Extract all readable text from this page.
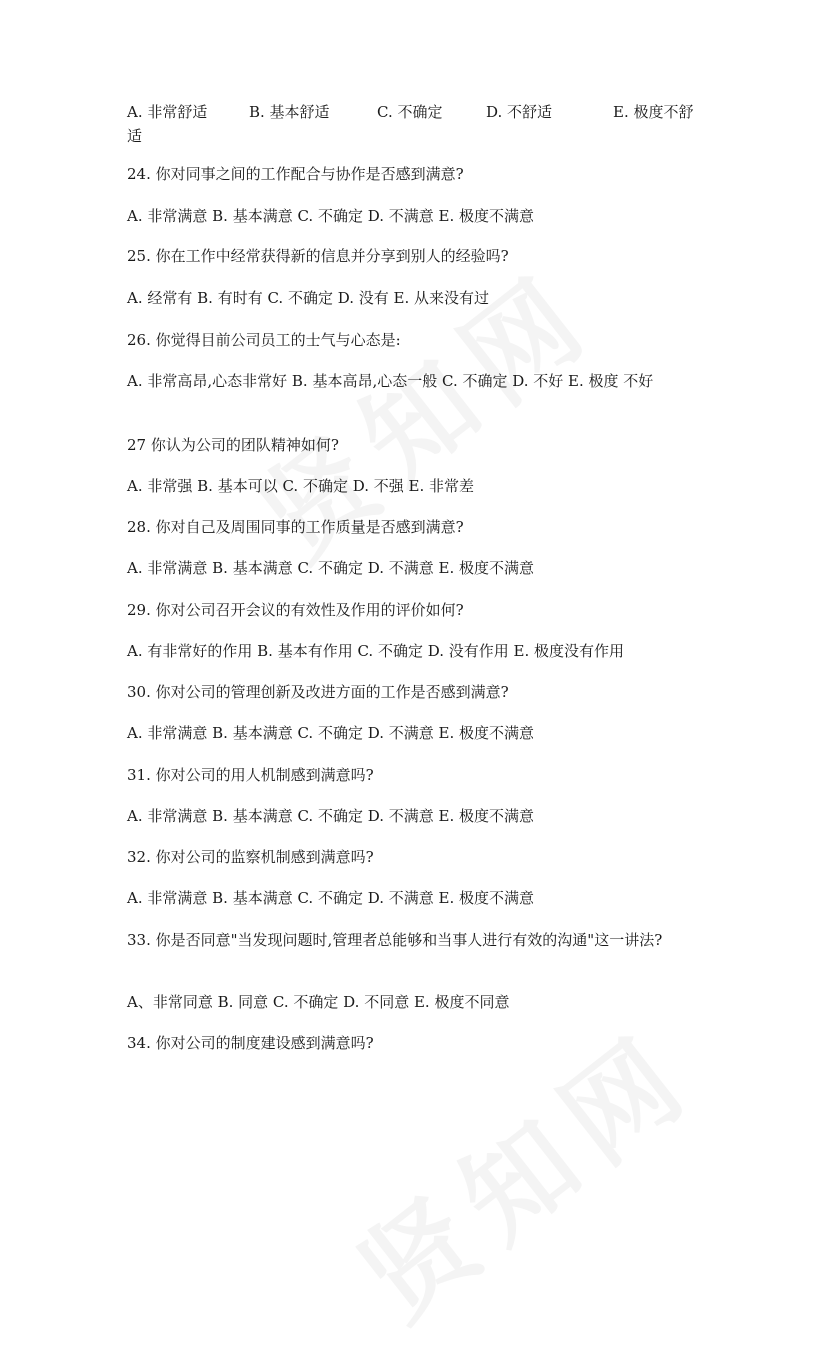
A. 非常舒适	B. 基本舒适	C. 不确定	D. 不舒适	E. 极度不舒
适

24. 你对同事之间的工作配合与协作是否感到满意?

A. 非常满意 B. 基本满意 C. 不确定 D. 不满意 E. 极度不满意

25. 你在工作中经常获得新的信息并分享到别人的经验吗?

A. 经常有 B. 有时有 C. 不确定 D. 没有 E. 从来没有过

26. 你觉得目前公司员工的士气与心态是:

A. 非常高昂,心态非常好 B. 基本高昂,心态一般 C. 不确定 D. 不好 E. 极度 不好

27 你认为公司的团队精神如何?

A. 非常强 B. 基本可以 C. 不确定 D. 不强 E. 非常差

28. 你对自己及周围同事的工作质量是否感到满意?

A. 非常满意 B. 基本满意 C. 不确定 D. 不满意 E. 极度不满意

29. 你对公司召开会议的有效性及作用的评价如何?

A. 有非常好的作用 B. 基本有作用 C. 不确定 D. 没有作用 E. 极度没有作用

30. 你对公司的管理创新及改进方面的工作是否感到满意?

A. 非常满意 B. 基本满意 C. 不确定 D. 不满意 E. 极度不满意

31. 你对公司的用人机制感到满意吗?

A. 非常满意 B. 基本满意 C. 不确定 D. 不满意 E. 极度不满意

32. 你对公司的监察机制感到满意吗?

A. 非常满意 B. 基本满意 C. 不确定 D. 不满意 E. 极度不满意

33. 你是否同意"当发现问题时,管理者总能够和当事人进行有效的沟通"这一讲法?

A、非常同意 B. 同意 C. 不确定 D. 不同意 E. 极度不同意

34. 你对公司的制度建设感到满意吗?
